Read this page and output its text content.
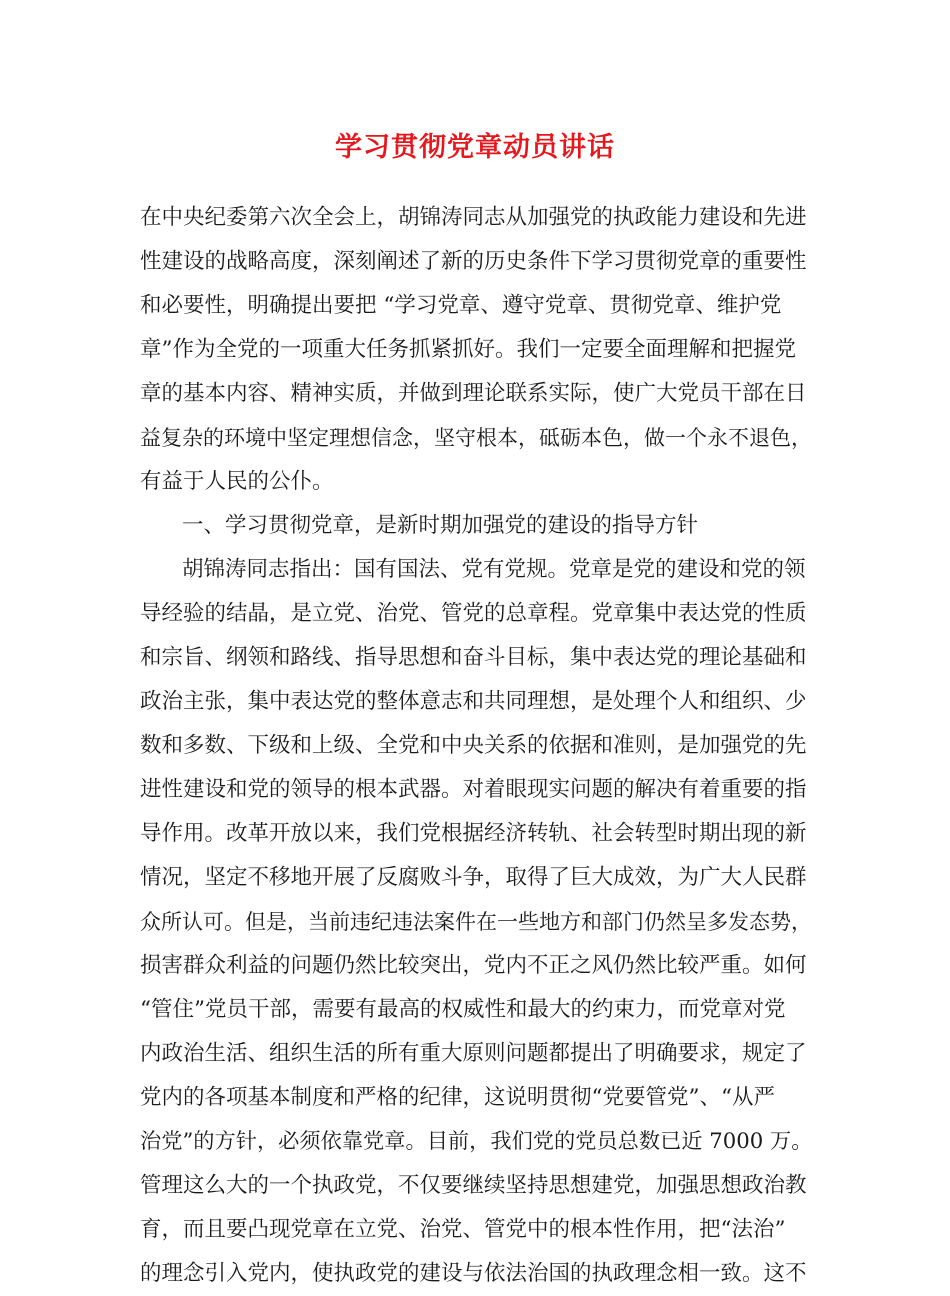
学习贯彻党章动员讲话
在中央纪委第六次全会上，胡锦涛同志从加强党的执政能力建设和先进
性建设的战略高度，深刻阐述了新的历史条件下学习贯彻党章的重要性
和必要性，明确提出要把 “学习党章、遵守党章、贯彻党章、维护党
章”作为全党的一项重大任务抓紧抓好。我们一定要全面理解和把握党
章的基本内容、精神实质，并做到理论联系实际，使广大党员干部在日
益复杂的环境中坚定理想信念，坚守根本，砥砺本色，做一个永不退色，
有益于人民的公仆。
一、学习贯彻党章，是新时期加强党的建设的指导方针
胡锦涛同志指出：国有国法、党有党规。党章是党的建设和党的领
导经验的结晶，是立党、治党、管党的总章程。党章集中表达党的性质
和宗旨、纲领和路线、指导思想和奋斗目标，集中表达党的理论基础和
政治主张，集中表达党的整体意志和共同理想，是处理个人和组织、少
数和多数、下级和上级、全党和中央关系的依据和准则，是加强党的先
进性建设和党的领导的根本武器。对着眼现实问题的解决有着重要的指
导作用。改革开放以来，我们党根据经济转轨、社会转型时期出现的新
情况，坚定不移地开展了反腐败斗争，取得了巨大成效，为广大人民群
众所认可。但是，当前违纪违法案件在一些地方和部门仍然呈多发态势，
损害群众利益的问题仍然比较突出，党内不正之风仍然比较严重。如何
“管住”党员干部，需要有最高的权威性和最大的约束力，而党章对党
内政治生活、组织生活的所有重大原则问题都提出了明确要求，规定了
党内的各项基本制度和严格的纪律，这说明贯彻“党要管党”、“从严
治党”的方针，必须依靠党章。目前，我们党的党员总数已近 7000 万。
管理这么大的一个执政党，不仅要继续坚持思想建党，加强思想政治教
育，而且要凸现党章在立党、治党、管党中的根本性作用，把“法治”
的理念引入党内，使执政党的建设与依法治国的执政理念相一致。这不
